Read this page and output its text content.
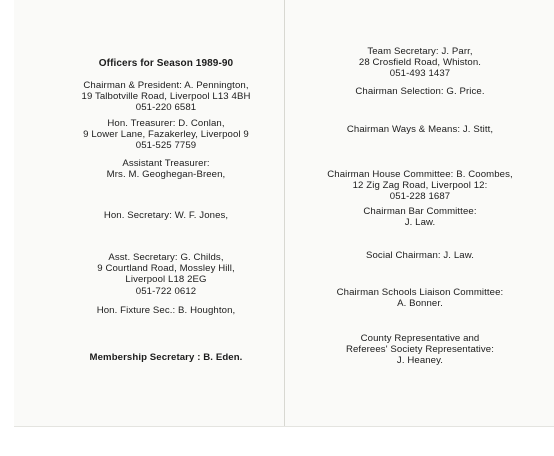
Officers for Season 1989-90
Chairman & President: A. Pennington,
19 Talbotville Road, Liverpool L13 4BH
051-220 6581
Hon. Treasurer: D. Conlan,
9 Lower Lane, Fazakerley, Liverpool 9
051-525 7759
Assistant Treasurer:
Mrs. M. Geoghegan-Breen,
Hon. Secretary: W. F. Jones,
Asst. Secretary: G. Childs,
9 Courtland Road, Mossley Hill,
Liverpool L18 2EG
051-722 0612
Hon. Fixture Sec.: B. Houghton,
Membership Secretary : B. Eden.
Team Secretary: J. Parr,
28 Crosfield Road, Whiston.
051-493 1437
Chairman Selection: G. Price.
Chairman Ways & Means: J. Stitt,
Chairman House Committee: B. Coombes,
12 Zig Zag Road, Liverpool 12:
051-228 1687
Chairman Bar Committee:
J. Law.
Social Chairman: J. Law.
Chairman Schools Liaison Committee:
A. Bonner.
County Representative and
Referees' Society Representative:
J. Heaney.
